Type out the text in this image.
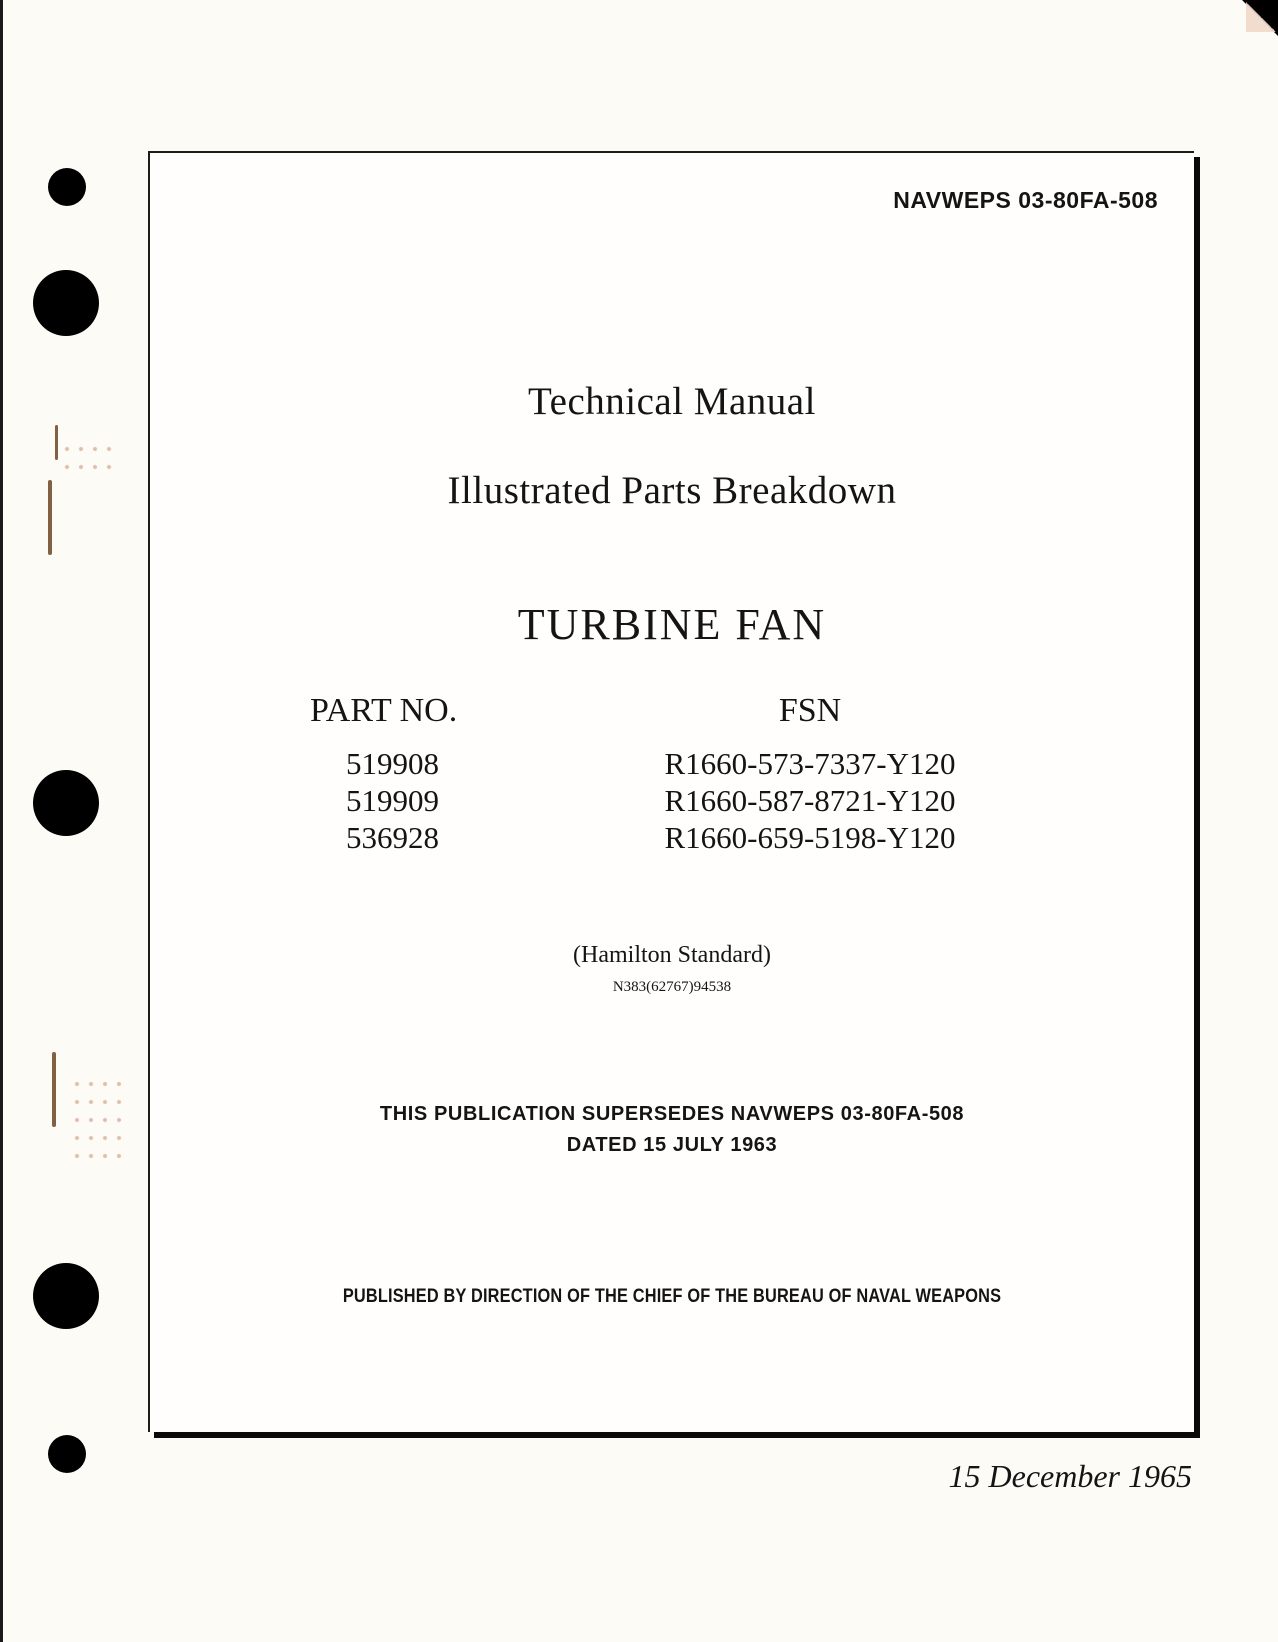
NAVWEPS 03-80FA-508
Technical Manual
Illustrated Parts Breakdown
TURBINE FAN
PART NO.
519908
519909
536928
FSN
R1660-573-7337-Y120
R1660-587-8721-Y120
R1660-659-5198-Y120
(Hamilton Standard)
N383(62767)94538
THIS PUBLICATION SUPERSEDES NAVWEPS 03-80FA-508
DATED 15 JULY 1963
PUBLISHED BY DIRECTION OF THE CHIEF OF THE BUREAU OF NAVAL WEAPONS
15 December 1965
